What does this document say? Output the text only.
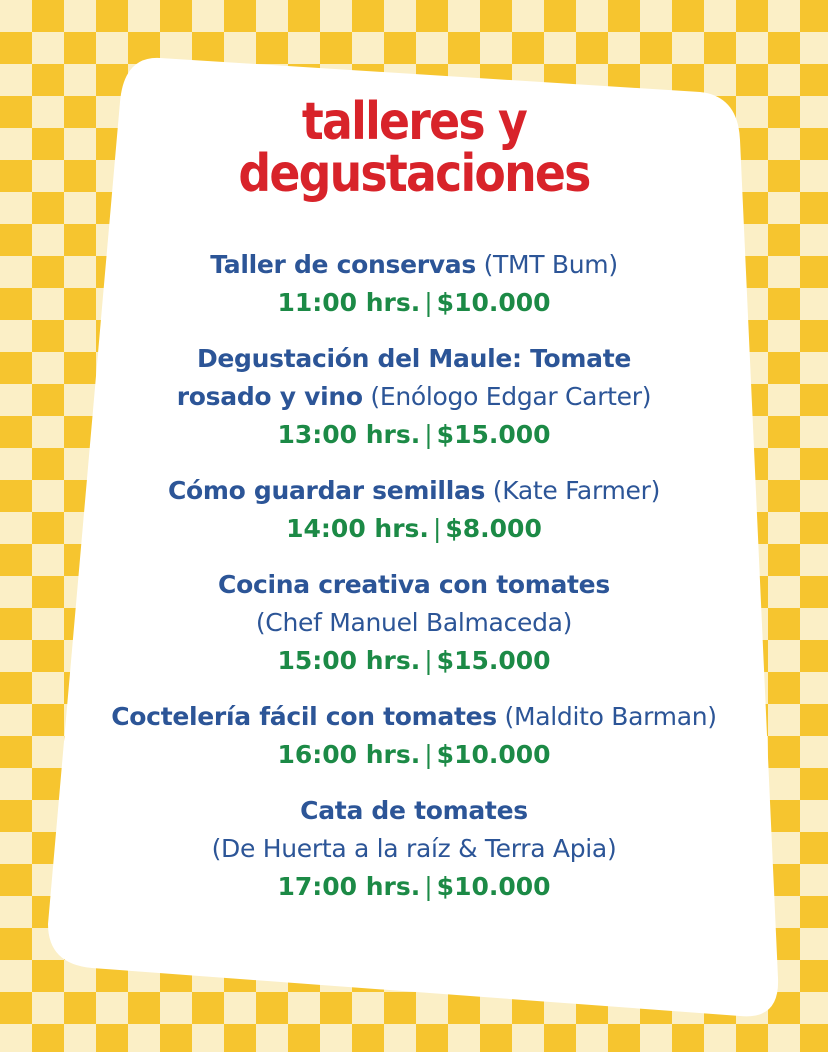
talleres y
degustaciones
Taller de conservas (TMT Bum)
11:00 hrs. | $10.000
Degustación del Maule: Tomate
rosado y vino (Enólogo Edgar Carter)
13:00 hrs. | $15.000
Cómo guardar semillas (Kate Farmer)
14:00 hrs. | $8.000
Cocina creativa con tomates
(Chef Manuel Balmaceda)
15:00 hrs. | $15.000
Coctelería fácil con tomates (Maldito Barman)
16:00 hrs. | $10.000
Cata de tomates
(De Huerta a la raíz & Terra Apia)
17:00 hrs. | $10.000
